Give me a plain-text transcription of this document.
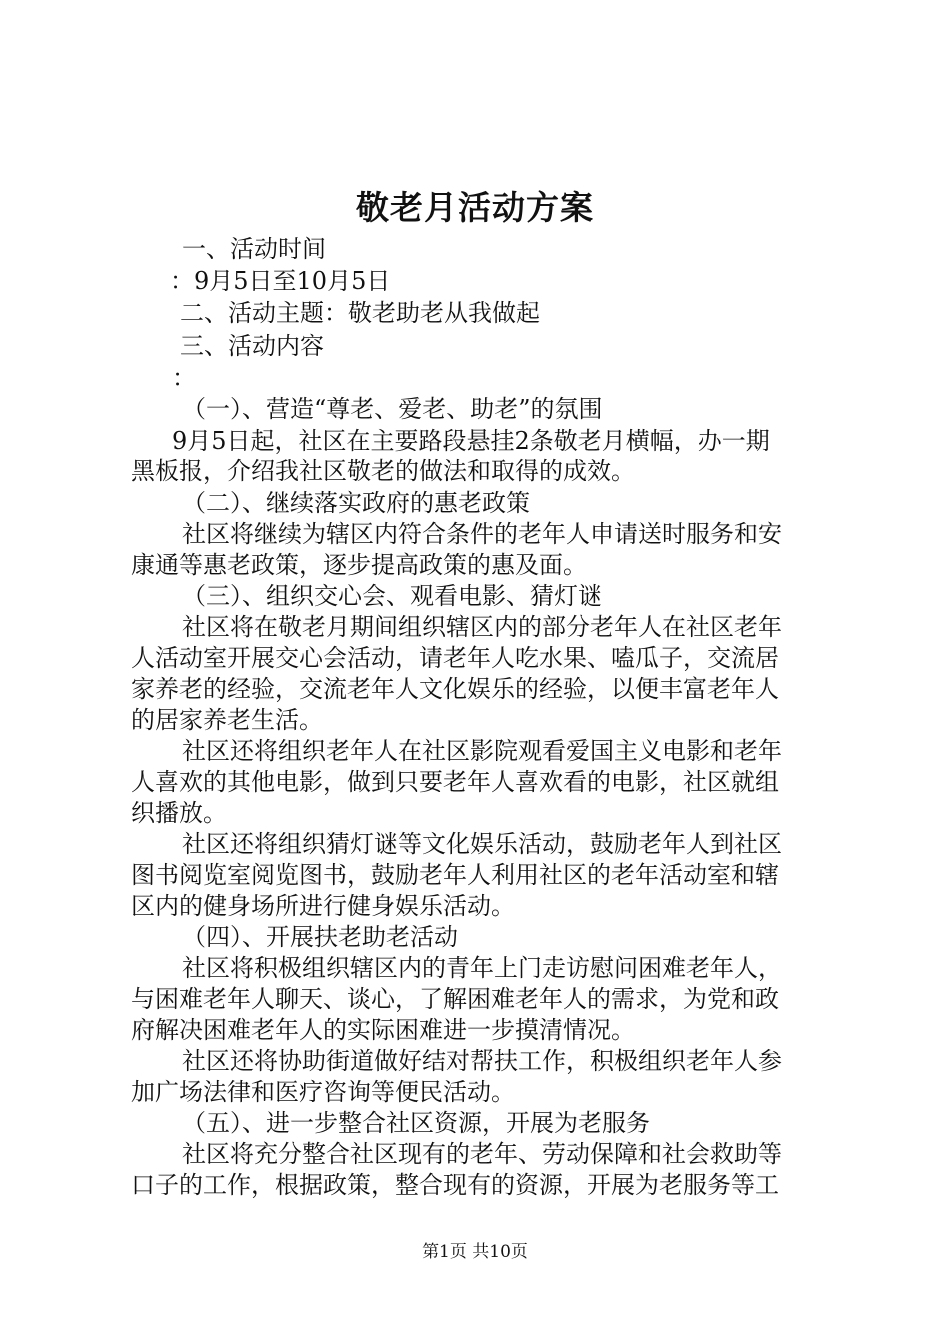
敬老月活动方案
一、活动时间
：9月5日至10月5日
二、活动主题：敬老助老从我做起
三、活动内容
：
（一）、营造“尊老、爱老、助老”的氛围
9月5日起，社区在主要路段悬挂2条敬老月横幅，办一期
黑板报，介绍我社区敬老的做法和取得的成效。
（二）、继续落实政府的惠老政策
社区将继续为辖区内符合条件的老年人申请送时服务和安
康通等惠老政策，逐步提高政策的惠及面。
（三）、组织交心会、观看电影、猜灯谜
社区将在敬老月期间组织辖区内的部分老年人在社区老年
人活动室开展交心会活动，请老年人吃水果、嗑瓜子，交流居
家养老的经验，交流老年人文化娱乐的经验，以便丰富老年人
的居家养老生活。
社区还将组织老年人在社区影院观看爱国主义电影和老年
人喜欢的其他电影，做到只要老年人喜欢看的电影，社区就组
织播放。
社区还将组织猜灯谜等文化娱乐活动，鼓励老年人到社区
图书阅览室阅览图书，鼓励老年人利用社区的老年活动室和辖
区内的健身场所进行健身娱乐活动。
（四）、开展扶老助老活动
社区将积极组织辖区内的青年上门走访慰问困难老年人，
与困难老年人聊天、谈心，了解困难老年人的需求，为党和政
府解决困难老年人的实际困难进一步摸清情况。
社区还将协助街道做好结对帮扶工作，积极组织老年人参
加广场法律和医疗咨询等便民活动。
（五）、进一步整合社区资源，开展为老服务
社区将充分整合社区现有的老年、劳动保障和社会救助等
口子的工作，根据政策，整合现有的资源，开展为老服务等工
第1页 共10页
